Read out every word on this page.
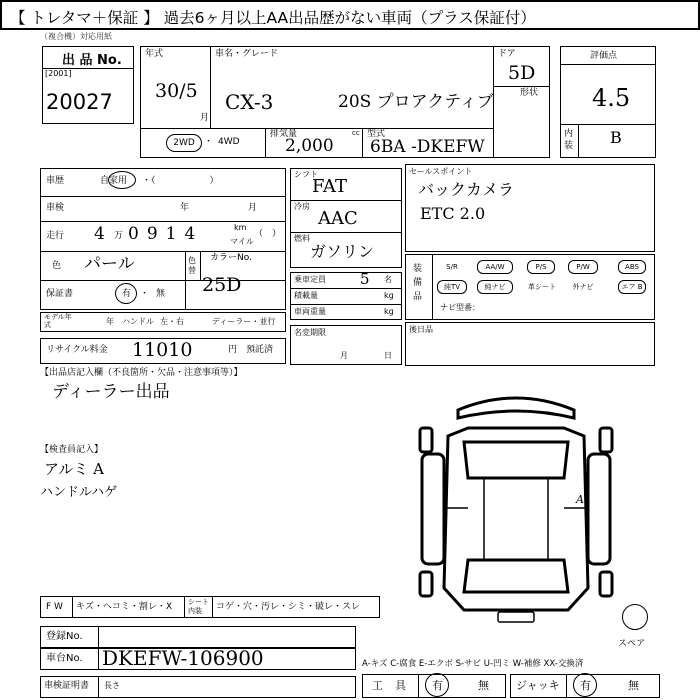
【 トレタマ＋保証 】 過去6ヶ月以上AA出品歴がない車両（プラス保証付）
（複合機）対応用紙
出 品 No.
[2001]
20027
年式
30/5
月
車名・グレード
CX-3	20S プロアクティブ
ドア
5D
形状
2WD	・ 4WD
排気量
2,000
cc 型式
6BA -DKEFW
評価点
4.5
内装 B
車歴	自家用 ・（　　　　　　）
車検	年	月
走行 4 万 0914	km
マイル
（　）
色 パール	色替
カラーNo.
保証書	有 ・ 無 25D
モデル年式	年 ハンドル 左・右	ディーラー・並行
リサイクル料金 11010	円 預託済
シフト
FAT
冷房
AAC
燃料
ガソリン
乗車定員 5 名
積載量	kg
車両重量	kg
名変期限
月	日
セールスポイント
バックカメラ
ETC 2.0
装備品
S/R	AA/W	P/S	P/W	ABS
純TV	純ナビ	革シート	外ナビ	エア B
ナビ型番：
後日品
【出品店記入欄（不良箇所・欠品・注意事項等）】
ディーラー出品
【検査員記入】
アルミ A
ハンドルハゲ	A1
スペア
F W キズ・ヘコミ・割レ・X シート内装	コゲ・穴・汚レ・シミ・破レ・スレ
登録No.
車台No. DKEFW-106900
車検証明書 長さ
A-キズ C-腐食 E-エクボ S-サビ U-凹ミ W-補修 XX-交換済
工具 有	無 ジャッキ 有	無
